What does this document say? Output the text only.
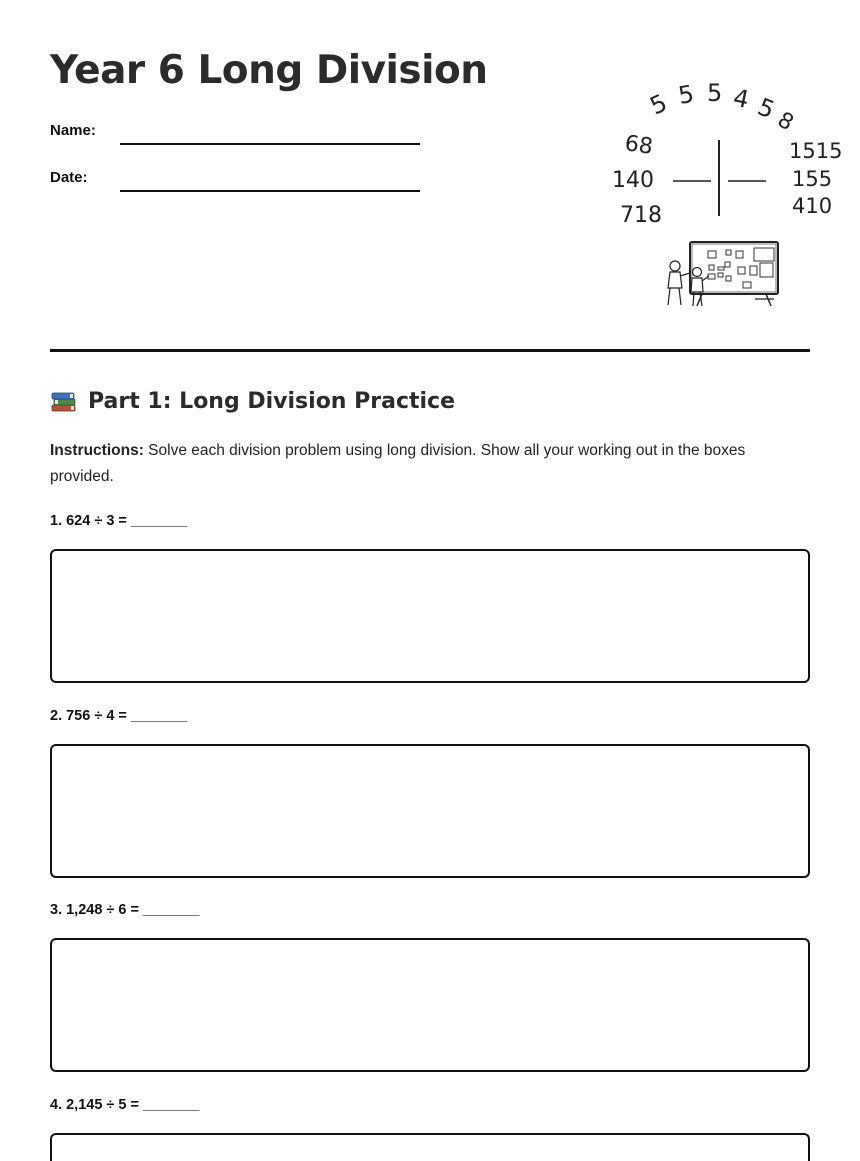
Year 6 Long Division
Name:
Date:
5 5 5 4 5
8
68
140
718
1515
155
410
Part 1: Long Division Practice

Instructions: Solve each division problem using long division. Show all your working out in the boxes provided.

1. 624 ÷ 3 = _______
2. 756 ÷ 4 = _______
3. 1,248 ÷ 6 = _______
4. 2,145 ÷ 5 = _______
